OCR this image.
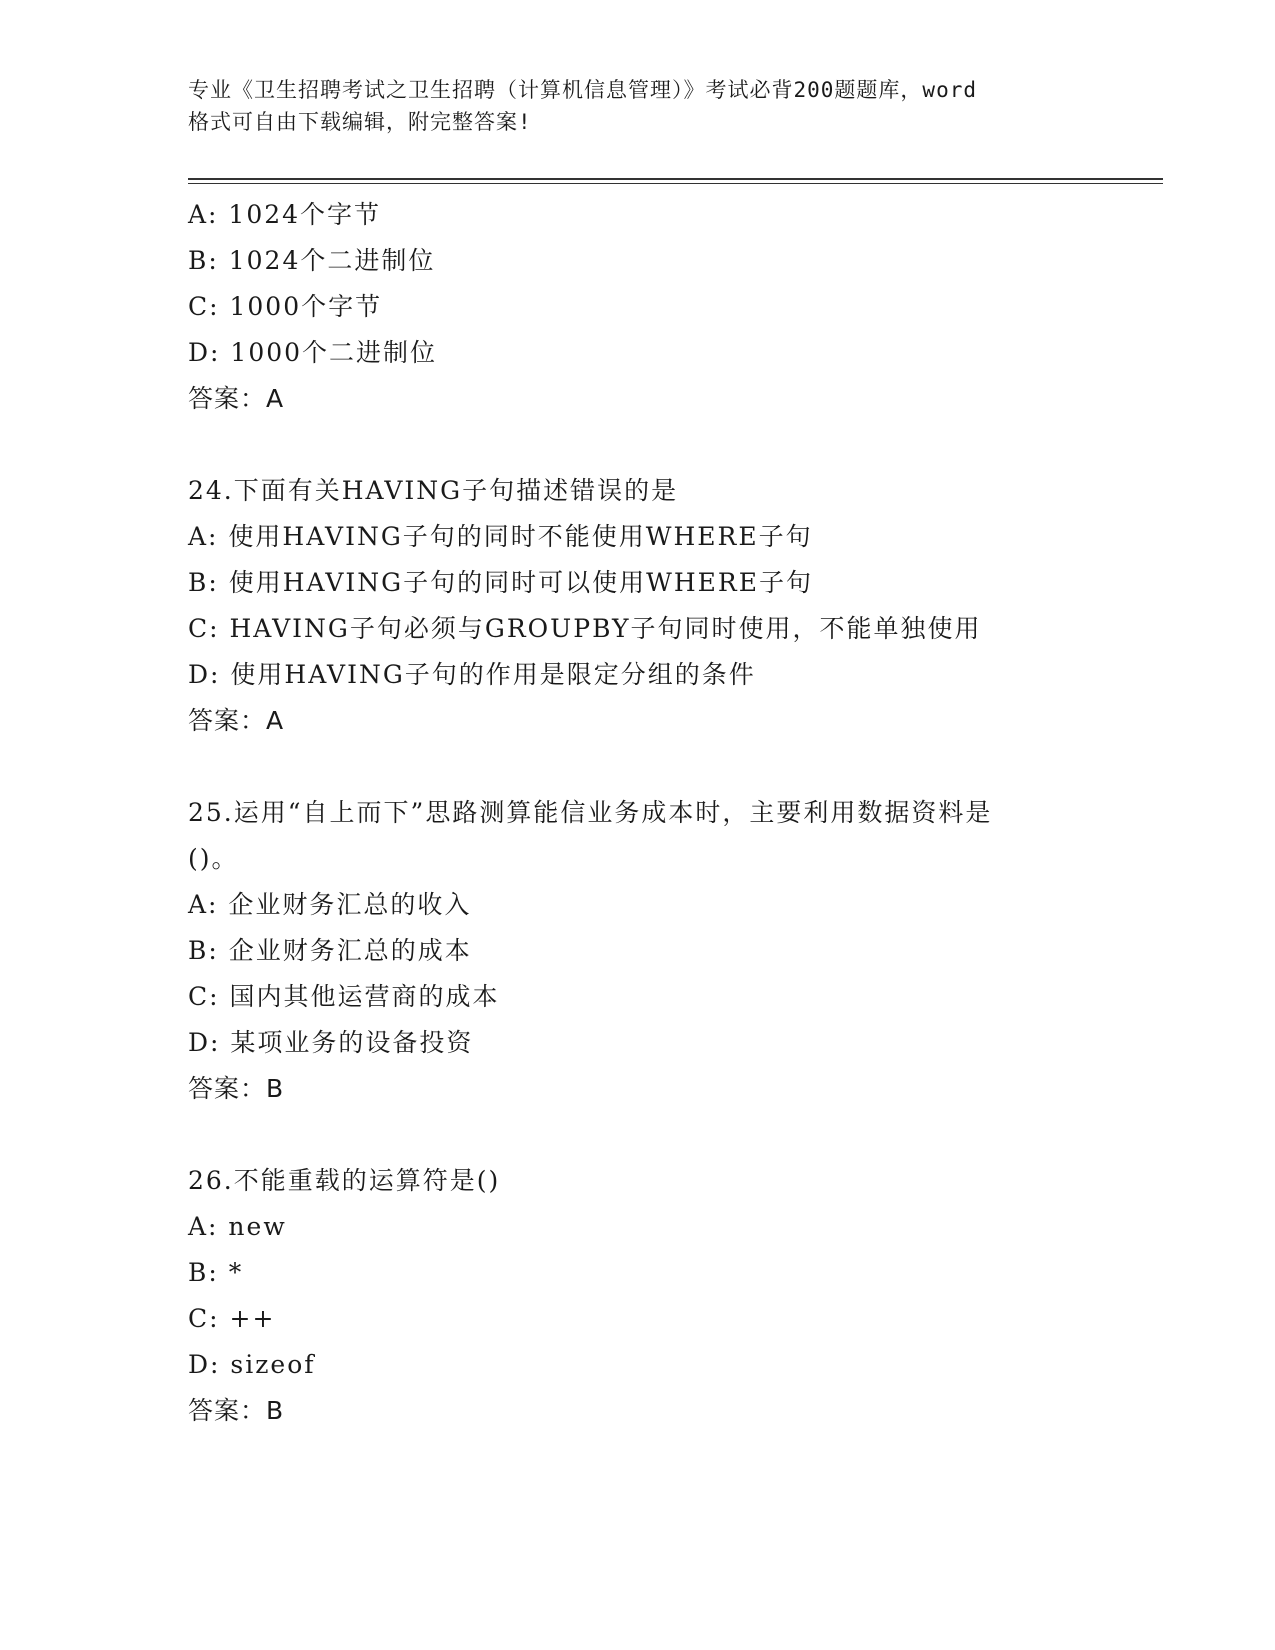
专业《卫生招聘考试之卫生招聘（计算机信息管理）》考试必背200题题库，word
格式可自由下载编辑，附完整答案!
A: 1024个字节
B: 1024个二进制位
C: 1000个字节
D: 1000个二进制位
答案：A
24.下面有关HAVING子句描述错误的是
A: 使用HAVING子句的同时不能使用WHERE子句
B: 使用HAVING子句的同时可以使用WHERE子句
C: HAVING子句必须与GROUPBY子句同时使用，不能单独使用
D: 使用HAVING子句的作用是限定分组的条件
答案：A
25.运用“自上而下”思路测算能信业务成本时，主要利用数据资料是
()。
A: 企业财务汇总的收入
B: 企业财务汇总的成本
C: 国内其他运营商的成本
D: 某项业务的设备投资
答案：B
26.不能重载的运算符是()
A: new
B: *
C: ++
D: sizeof
答案：B
